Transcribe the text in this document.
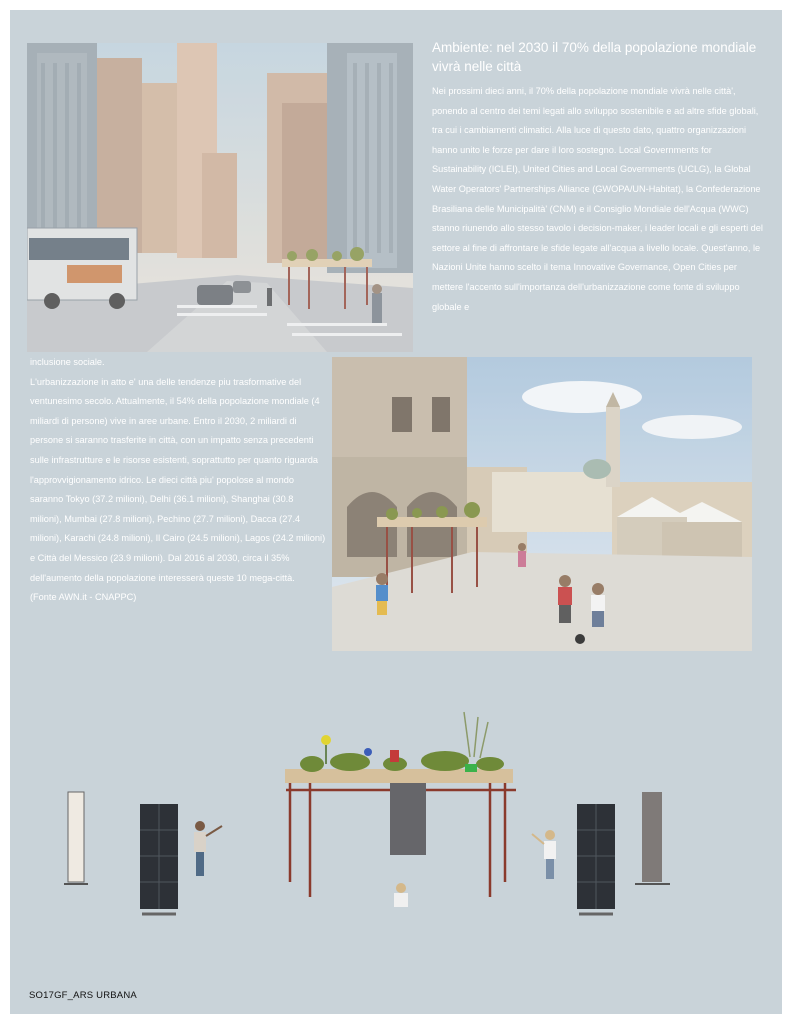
Ambiente: nel 2030 il 70% della popolazione mondiale vivrà nelle città
Nei prossimi dieci anni, il 70% della popolazione mondiale vivrà nelle città', ponendo al centro dei temi legati allo sviluppo sostenibile e ad altre sfide globali, tra cui i cambiamenti climatici. Alla luce di questo dato, quattro organizzazioni hanno unito le forze per dare il loro sostegno. Local Governments for Sustainability (ICLEI), United Cities and Local Governments (UCLG), la Global Water Operators' Partnerships Alliance (GWOPA/UN-Habitat), la Confederazione Brasiliana delle Municipalità' (CNM) e il Consiglio Mondiale dell'Acqua (WWC) stanno riunendo allo stesso tavolo i decision-maker, i leader locali e gli esperti del settore al fine di affrontare le sfide legate all'acqua a livello locale. Quest'anno, le Nazioni Unite hanno scelto il tema Innovative Governance, Open Cities per mettere l'accento sull'importanza dell'urbanizzazione come fonte di sviluppo globale e

inclusione sociale.

L'urbanizzazione in atto e' una delle tendenze piu trasformative del ventunesimo secolo. Attualmente, il 54% della popolazione mondiale (4 miliardi di persone) vive in aree urbane. Entro il 2030, 2 miliardi di persone si saranno trasferite in città, con un impatto senza precedenti sulle infrastrutture e le risorse esistenti, soprattutto per quanto riguarda l'approvvigionamento idrico. Le dieci città piu' popolose al mondo saranno Tokyo (37.2 milioni), Delhi (36.1 milioni), Shanghai (30.8 milioni), Mumbai (27.8 milioni), Pechino (27.7 milioni), Dacca (27.4 milioni), Karachi (24.8 milioni), Il Cairo (24.5 milioni), Lagos (24.2 milioni) e Città del Messico (23.9 milioni). Dal 2016 al 2030, circa il 35% dell'aumento della popolazione interesserà queste 10 mega-città.

(Fonte AWN.it - CNAPPC)

SO17GF_ARS URBANA
